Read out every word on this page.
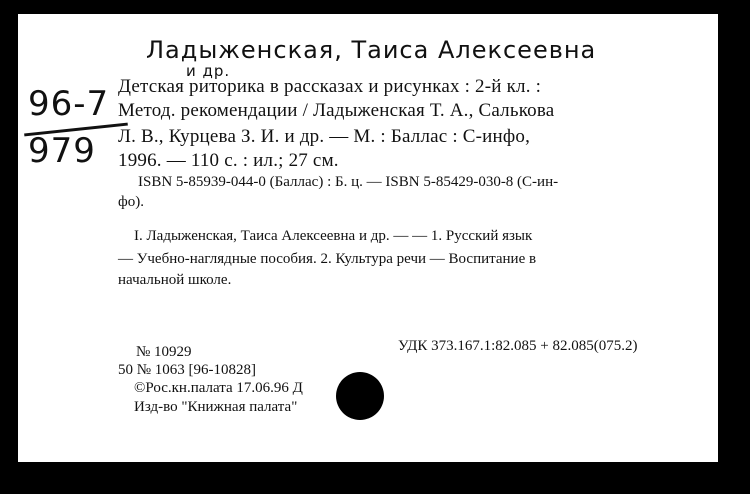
Ладыженская, Таиса Алексеевна
и др.
96-7
979
Детская риторика в рассказах и рисунках : 2-й кл. :
Метод. рекомендации / Ладыженская Т. А., Салькова
Л. В., Курцева З. И. и др. — М. : Баллас : С-инфо,
1996. — 110 с. : ил.; 27 см.
ISBN 5-85939-044-0 (Баллас) : Б. ц. — ISBN 5-85429-030-8 (С-ин-
фо).
I. Ладыженская, Таиса Алексеевна и др. — — 1. Русский язык
— Учебно-наглядные пособия. 2. Культура речи — Воспитание в
начальной школе.
№ 10929	УДК 373.167.1:82.085 + 82.085(075.2)
50 № 1063 [96-10828]
©Рос.кн.палата 17.06.96 Д
Изд-во "Книжная палата"
